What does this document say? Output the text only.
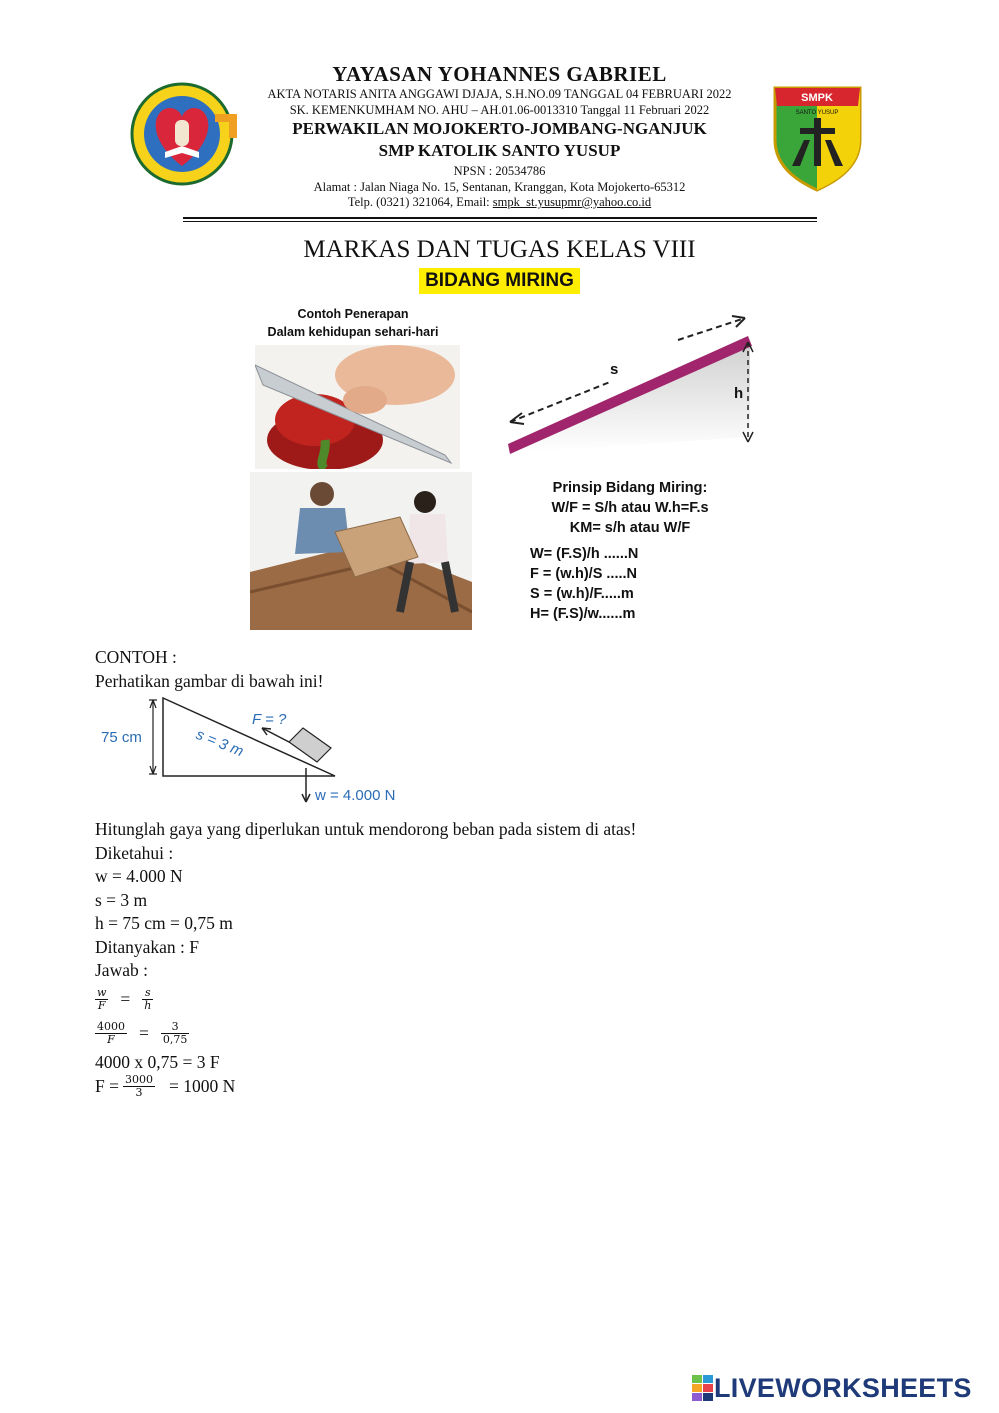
SMPK
SANTO YUSUP
YAYASAN YOHANNES GABRIEL
AKTA NOTARIS ANITA ANGGAWI DJAJA, S.H.NO.09 TANGGAL 04 FEBRUARI 2022
SK. KEMENKUMHAM NO. AHU – AH.01.06-0013310 Tanggal 11 Februari 2022
PERWAKILAN MOJOKERTO-JOMBANG-NGANJUK
SMP KATOLIK SANTO YUSUP
NPSN : 20534786
Alamat : Jalan Niaga No. 15, Sentanan, Kranggan, Kota Mojokerto-65312
Telp. (0321) 321064, Email: smpk_st.yusupmr@yahoo.co.id
MARKAS DAN TUGAS KELAS VIII
BIDANG MIRING
Contoh Penerapan
Dalam kehidupan sehari-hari
s
h
Prinsip Bidang Miring:
W/F = S/h atau W.h=F.s
KM= s/h atau W/F
W= (F.S)/h ......N
F = (w.h)/S .....N
S = (w.h)/F.....m
H= (F.S)/w......m
CONTOH :
Perhatikan gambar di bawah ini!
75 cm	s = 3 m
F = ?
w = 4.000 N
Hitunglah gaya yang diperlukan untuk mendorong beban pada sistem di atas!
Diketahui :
w = 4.000 N
s = 3 m
h = 75 cm = 0,75 m
Ditanyakan : F
Jawab :
$\frac{w}{F} = \frac{s}{h}$
$\frac{4000}{F} = \frac{3}{0,75}$
4000 x 0,75 = 3 F
$F = \frac{3000}{3} = 1000$ N
LIVEWORKSHEETS
